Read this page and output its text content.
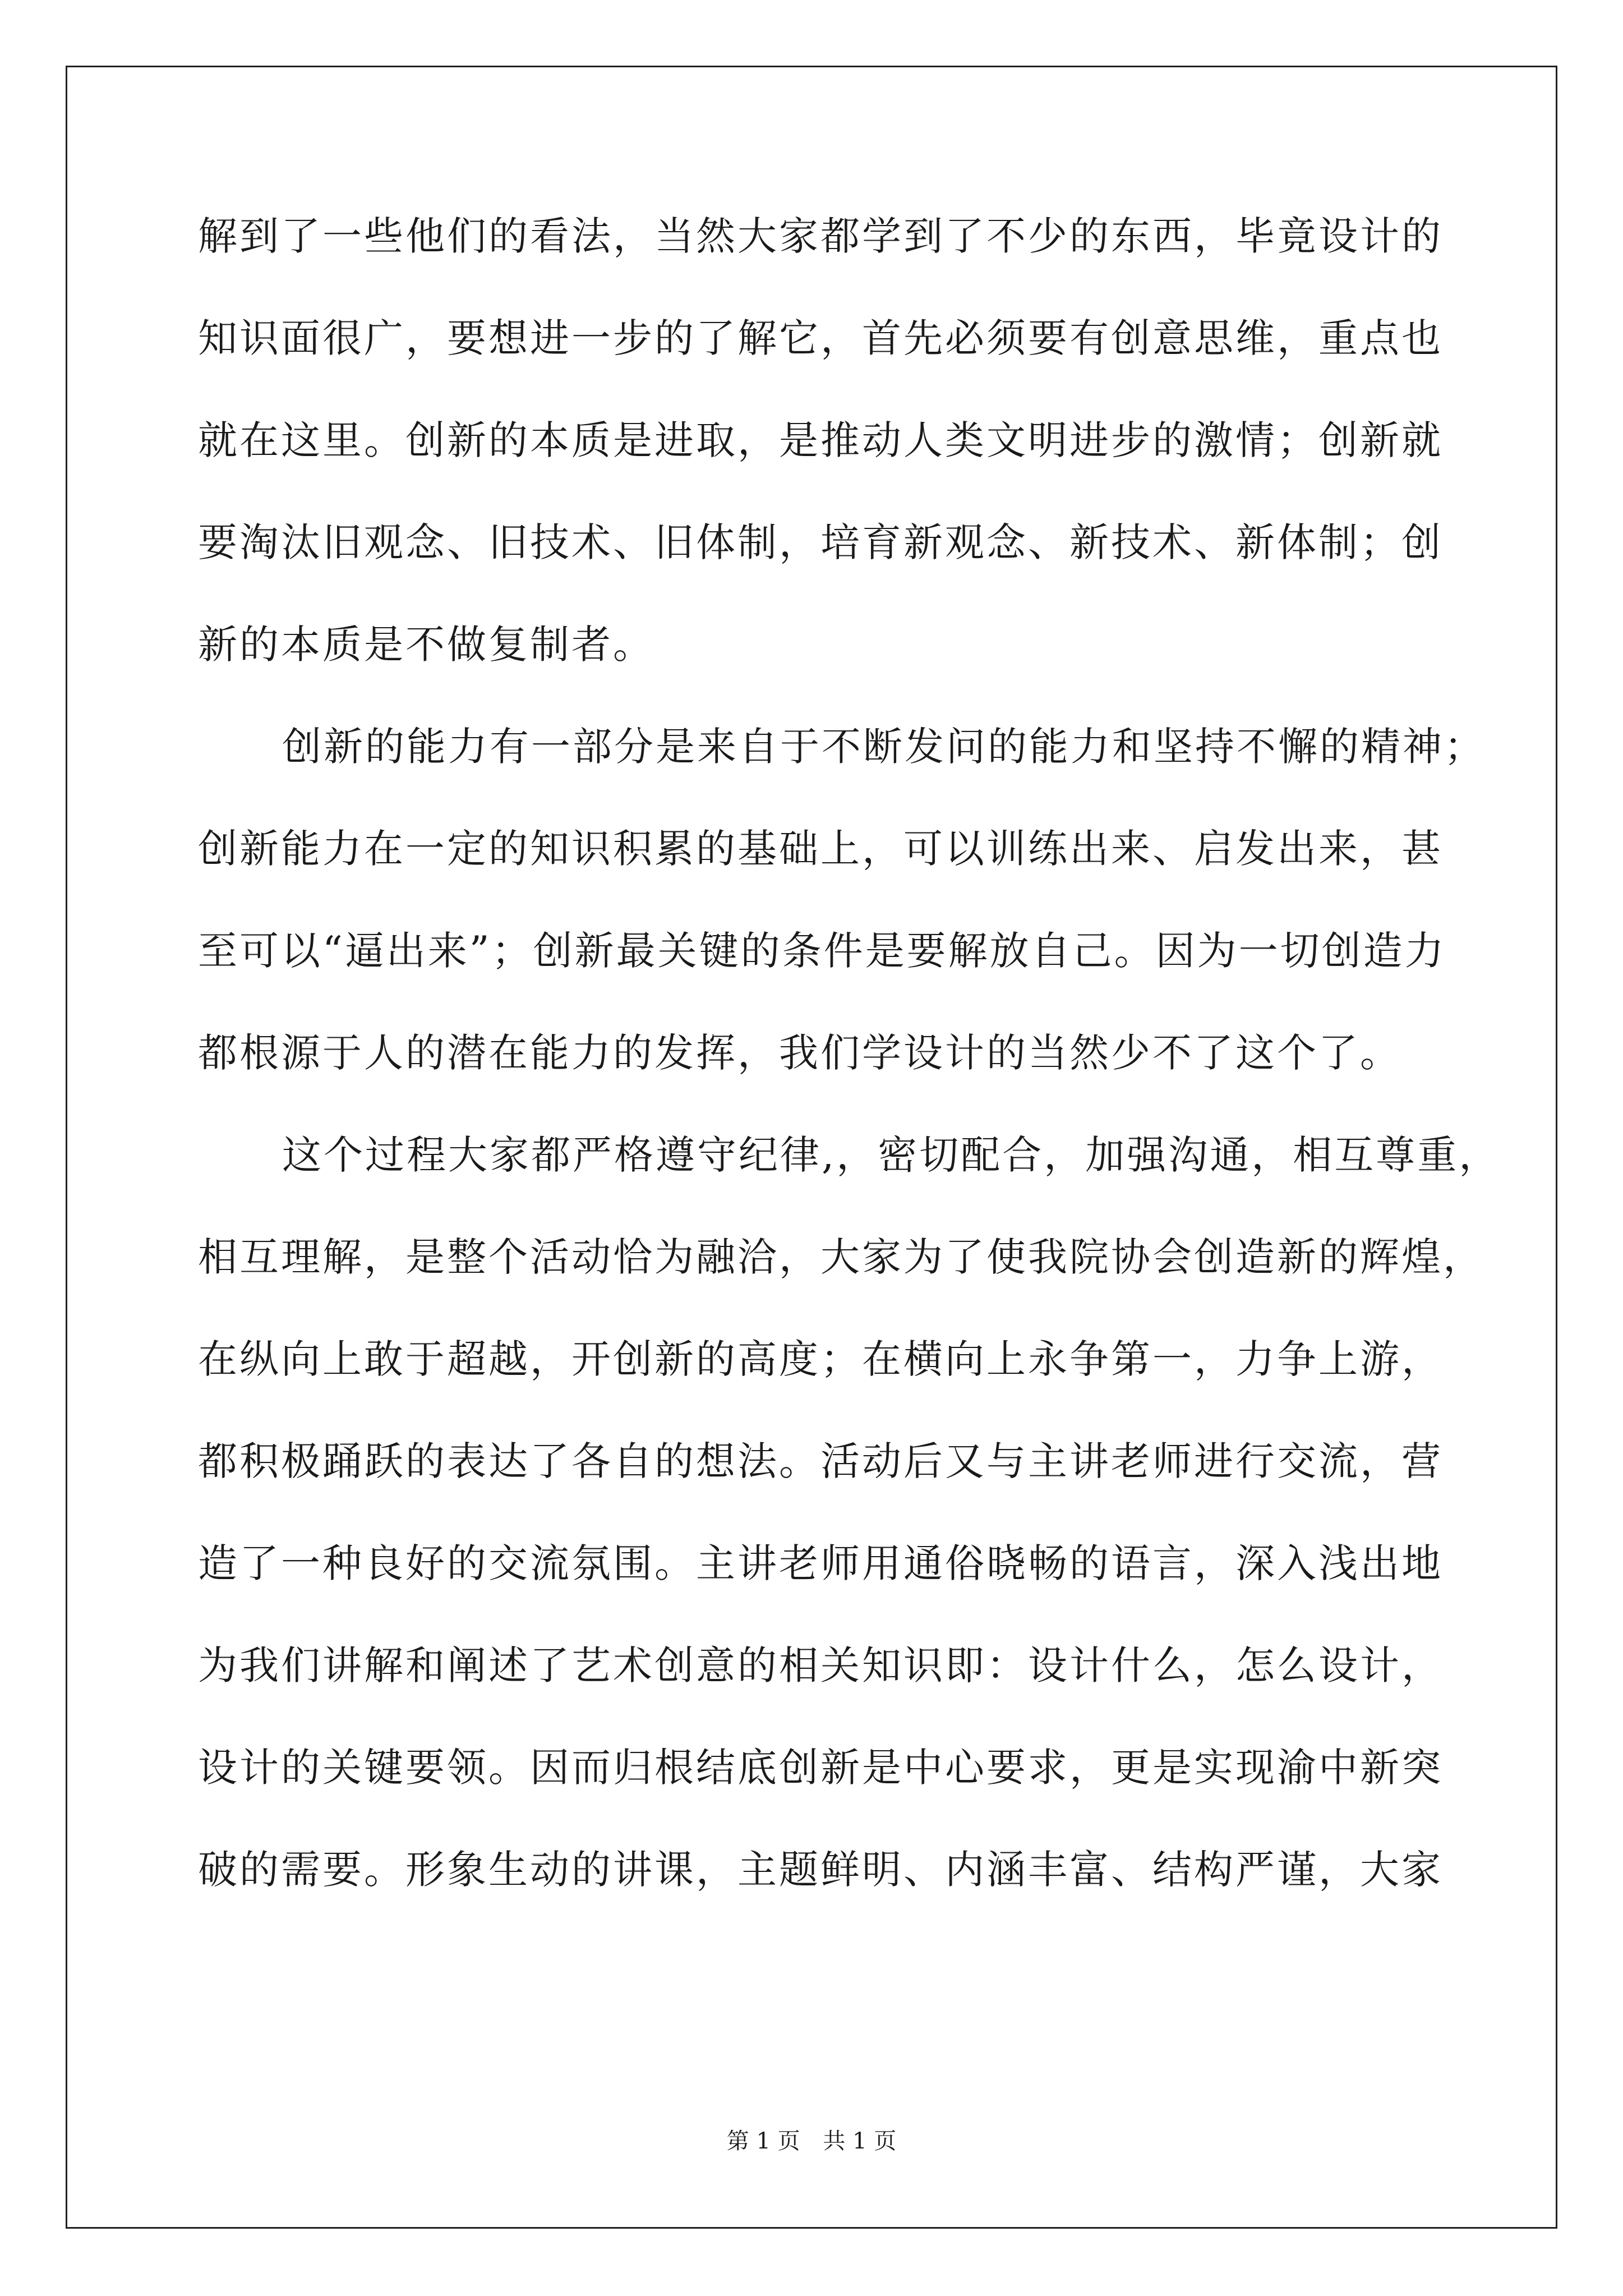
解到了一些他们的看法，当然大家都学到了不少的东西，毕竟设计的
知识面很广，要想进一步的了解它，首先必须要有创意思维，重点也
就在这里。创新的本质是进取，是推动人类文明进步的激情；创新就
要淘汰旧观念、旧技术、旧体制，培育新观念、新技术、新体制；创
新的本质是不做复制者。
创新的能力有一部分是来自于不断发问的能力和坚持不懈的精神；
创新能力在一定的知识积累的基础上，可以训练出来、启发出来，甚
至可以“逼出来”；创新最关键的条件是要解放自己。因为一切创造力
都根源于人的潜在能力的发挥，我们学设计的当然少不了这个了。
这个过程大家都严格遵守纪律,，密切配合，加强沟通，相互尊重，
相互理解，是整个活动恰为融洽，大家为了使我院协会创造新的辉煌，
在纵向上敢于超越，开创新的高度；在横向上永争第一，力争上游，
都积极踊跃的表达了各自的想法。活动后又与主讲老师进行交流，营
造了一种良好的交流氛围。主讲老师用通俗晓畅的语言，深入浅出地
为我们讲解和阐述了艺术创意的相关知识即：设计什么，怎么设计，
设计的关键要领。因而归根结底创新是中心要求，更是实现渝中新突
破的需要。形象生动的讲课，主题鲜明、内涵丰富、结构严谨，大家
第 1 页 共 1 页
